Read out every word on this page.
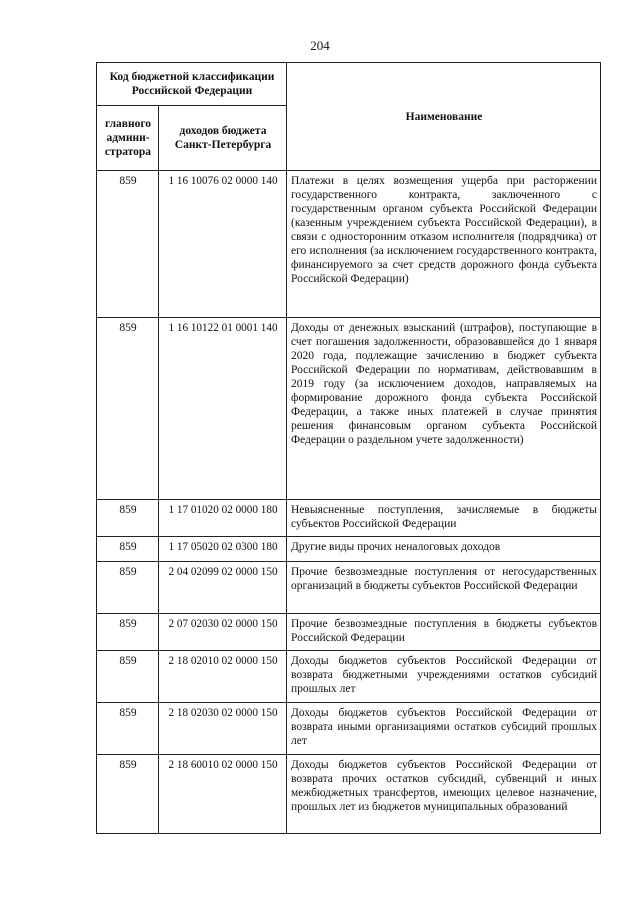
204
Код бюджетной классификации Российской Федерации		Наименование
главного админи-стратора	доходов бюджета Санкт-Петербурга	
859	1 16 10076 02 0000 140	Платежи в целях возмещения ущерба при расторжении государственного контракта, заключенного с государственным органом субъекта Российской Федерации (казенным учреждением субъекта Российской Федерации), в связи с односторонним отказом исполнителя (подрядчика) от его исполнения (за исключением государственного контракта, финансируемого за счет средств дорожного фонда субъекта Российской Федерации)
859	1 16 10122 01 0001 140	Доходы от денежных взысканий (штрафов), поступающие в счет погашения задолженности, образовавшейся до 1 января 2020 года, подлежащие зачислению в бюджет субъекта Российской Федерации по нормативам, действовавшим в 2019 году (за исключением доходов, направляемых на формирование дорожного фонда субъекта Российской Федерации, а также иных платежей в случае принятия решения финансовым органом субъекта Российской Федерации о раздельном учете задолженности)
859	1 17 01020 02 0000 180	Невыясненные поступления, зачисляемые в бюджеты субъектов Российской Федерации
859	1 17 05020 02 0300 180	Другие виды прочих неналоговых доходов
859	2 04 02099 02 0000 150	Прочие безвозмездные поступления от негосударственных организаций в бюджеты субъектов Российской Федерации
859	2 07 02030 02 0000 150	Прочие безвозмездные поступления в бюджеты субъектов Российской Федерации
859	2 18 02010 02 0000 150	Доходы бюджетов субъектов Российской Федерации от возврата бюджетными учреждениями остатков субсидий прошлых лет
859	2 18 02030 02 0000 150	Доходы бюджетов субъектов Российской Федерации от возврата иными организациями остатков субсидий прошлых лет
859	2 18 60010 02 0000 150	Доходы бюджетов субъектов Российской Федерации от возврата прочих остатков субсидий, субвенций и иных межбюджетных трансфертов, имеющих целевое назначение, прошлых лет из бюджетов муниципальных образований
